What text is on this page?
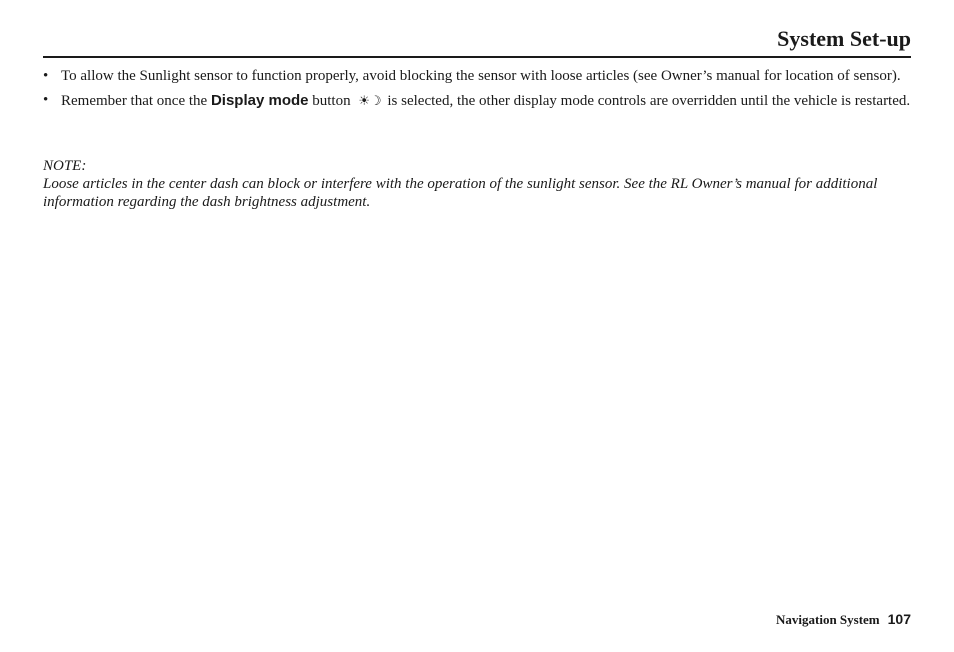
System Set-up
• To allow the Sunlight sensor to function properly, avoid blocking the sensor with loose articles (see Owner’s manual for location of sensor).
• Remember that once the Display mode button ☀☽ is selected, the other display mode controls are overridden until the vehicle is restarted.
NOTE:
Loose articles in the center dash can block or interfere with the operation of the sunlight sensor. See the RL Owner’s manual for additional information regarding the dash brightness adjustment.
Navigation System 107
